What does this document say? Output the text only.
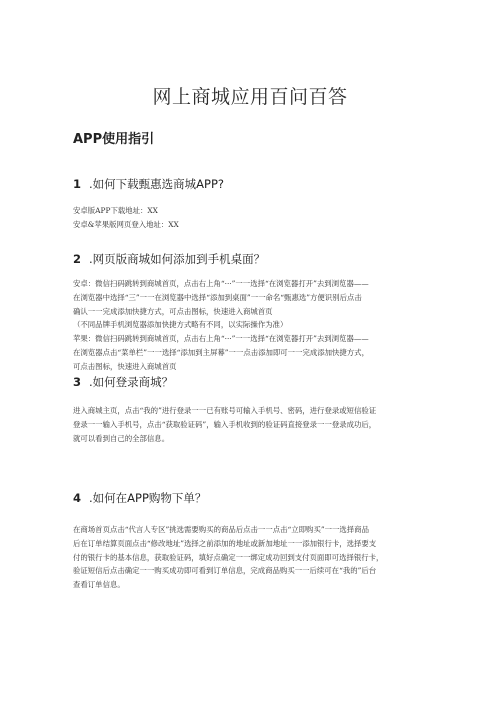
网上商城应用百问百答
APP使用指引
1 .如何下载甄惠选商城APP?
安卓版APP下载地址：XX
安卓&苹果版网页登入地址：XX
2 .网页版商城如何添加到手机桌面？
安卓：微信扫码跳转到商城首页，点击右上角“···”一一选择“在浏览器打开”去到浏览器——
在浏览器中选择“三”一一在浏览器中选择“添加到桌面”一一命名“甄惠选”方便识别后点击
确认一一完成添加快捷方式，可点击图标，快速进入商城首页
（不同品牌手机浏览器添加快捷方式略有不同，以实际操作为准）
苹果：微信扫码跳转到商城首页，点击右上角“···”一一选择“在浏览器打开”去到浏览器——
在浏览器点击“菜单栏”一一选择“添加到主屏幕”一一点击添加即可一一完成添加快捷方式，
可点击图标，快速进入商城首页
3 .如何登录商城？
进入商城主页，点击“我的”进行登录一一已有账号可输入手机号、密码，进行登录或短信验证
登录一一输入手机号，点击“获取验证码”，输入手机收到的验证码直接登录一一登录成功后，
就可以看到自己的全部信息。
4 .如何在APP购物下单？
在商场首页点击“代言人专区”挑选需要购买的商品后点击一一点击“立即购买”一一选择商品
后在订单结算页面点击“修改地址”选择之前添加的地址或新加地址一一添加银行卡，选择要支
付的银行卡的基本信息，获取验证码，填好点确定一一绑定成功回到支付页面即可选择银行卡，
验证短信后点击确定一一购买成功即可看到订单信息，完成商品购买一一后续可在“我的”后台
查看订单信息。
